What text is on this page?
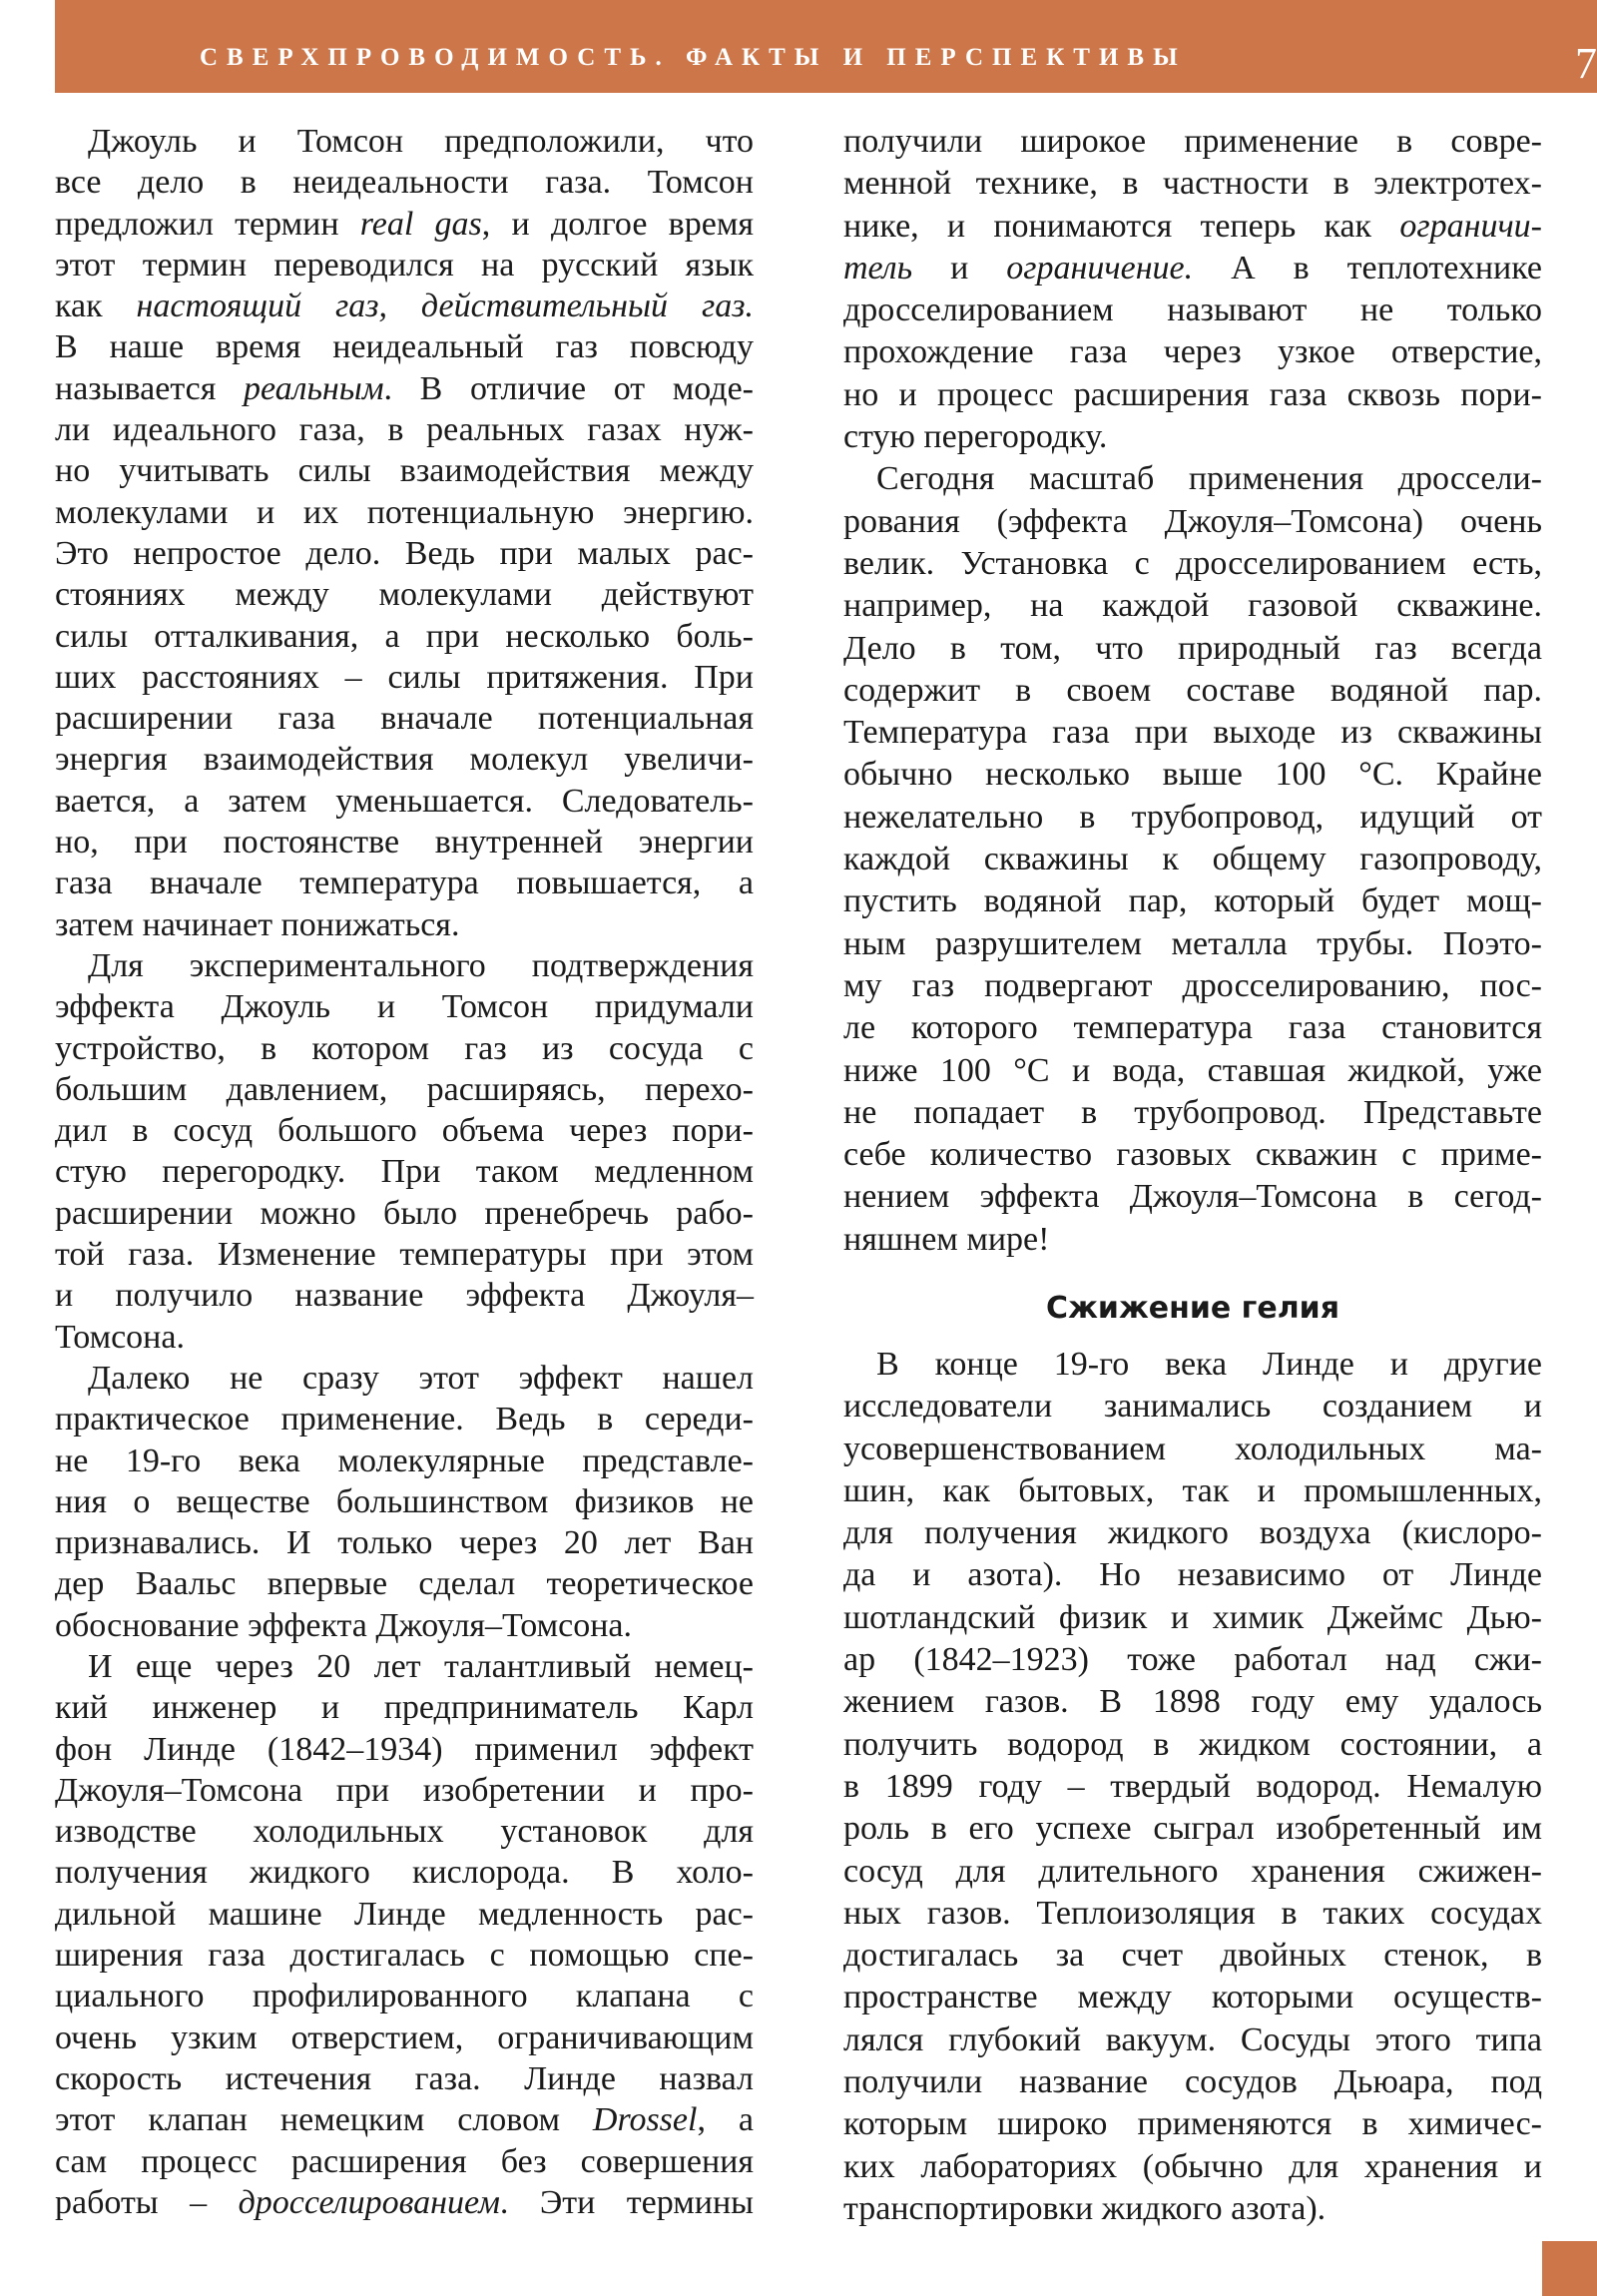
СВЕРХПРОВОДИМОСТЬ. ФАКТЫ И ПЕРСПЕКТИВЫ	7
Джоуль и Томсон предположили, что
все дело в неидеальности газа. Томсон
предложил термин real gas, и долгое время
этот термин переводился на русский язык
как настоящий газ, действительный газ.
В наше время неидеальный газ повсюду
называется реальным. В отличие от моде-
ли идеального газа, в реальных газах нуж-
но учитывать силы взаимодействия между
молекулами и их потенциальную энергию.
Это непростое дело. Ведь при малых рас-
стояниях между молекулами действуют
силы отталкивания, а при несколько боль-
ших расстояниях – силы притяжения. При
расширении газа вначале потенциальная
энергия взаимодействия молекул увеличи-
вается, а затем уменьшается. Следователь-
но, при постоянстве внутренней энергии
газа вначале температура повышается, а
затем начинает понижаться.
Для экспериментального подтверждения
эффекта Джоуль и Томсон придумали
устройство, в котором газ из сосуда с
большим давлением, расширяясь, перехо-
дил в сосуд большого объема через пори-
стую перегородку. При таком медленном
расширении можно было пренебречь рабо-
той газа. Изменение температуры при этом
и получило название эффекта Джоуля–
Томсона.
Далеко не сразу этот эффект нашел
практическое применение. Ведь в середи-
не 19-го века молекулярные представле-
ния о веществе большинством физиков не
признавались. И только через 20 лет Ван
дер Ваальс впервые сделал теоретическое
обоснование эффекта Джоуля–Томсона.
И еще через 20 лет талантливый немец-
кий инженер и предприниматель Карл
фон Линде (1842–1934) применил эффект
Джоуля–Томсона при изобретении и про-
изводстве холодильных установок для
получения жидкого кислорода. В холо-
дильной машине Линде медленность рас-
ширения газа достигалась с помощью спе-
циального профилированного клапана с
очень узким отверстием, ограничивающим
скорость истечения газа. Линде назвал
этот клапан немецким словом Drossel, а
сам процесс расширения без совершения
работы – дросселированием. Эти термины
получили широкое применение в совре-
менной технике, в частности в электротех-
нике, и понимаются теперь как ограничи-
тель и ограничение. А в теплотехнике
дросселированием называют не только
прохождение газа через узкое отверстие,
но и процесс расширения газа сквозь пори-
стую перегородку.
Сегодня масштаб применения дроссели-
рования (эффекта Джоуля–Томсона) очень
велик. Установка с дросселированием есть,
например, на каждой газовой скважине.
Дело в том, что природный газ всегда
содержит в своем составе водяной пар.
Температура газа при выходе из скважины
обычно несколько выше 100 °С. Крайне
нежелательно в трубопровод, идущий от
каждой скважины к общему газопроводу,
пустить водяной пар, который будет мощ-
ным разрушителем металла трубы. Поэто-
му газ подвергают дросселированию, пос-
ле которого температура газа становится
ниже 100 °С и вода, ставшая жидкой, уже
не попадает в трубопровод. Представьте
себе количество газовых скважин с приме-
нением эффекта Джоуля–Томсона в сегод-
няшнем мире!
Сжижение гелия
В конце 19-го века Линде и другие
исследователи занимались созданием и
усовершенствованием холодильных ма-
шин, как бытовых, так и промышленных,
для получения жидкого воздуха (кислоро-
да и азота). Но независимо от Линде
шотландский физик и химик Джеймс Дью-
ар (1842–1923) тоже работал над сжи-
жением газов. В 1898 году ему удалось
получить водород в жидком состоянии, а
в 1899 году – твердый водород. Немалую
роль в его успехе сыграл изобретенный им
сосуд для длительного хранения сжижен-
ных газов. Теплоизоляция в таких сосудах
достигалась за счет двойных стенок, в
пространстве между которыми осуществ-
лялся глубокий вакуум. Сосуды этого типа
получили название сосудов Дьюара, под
которым широко применяются в химичес-
ких лабораториях (обычно для хранения и
транспортировки жидкого азота).
